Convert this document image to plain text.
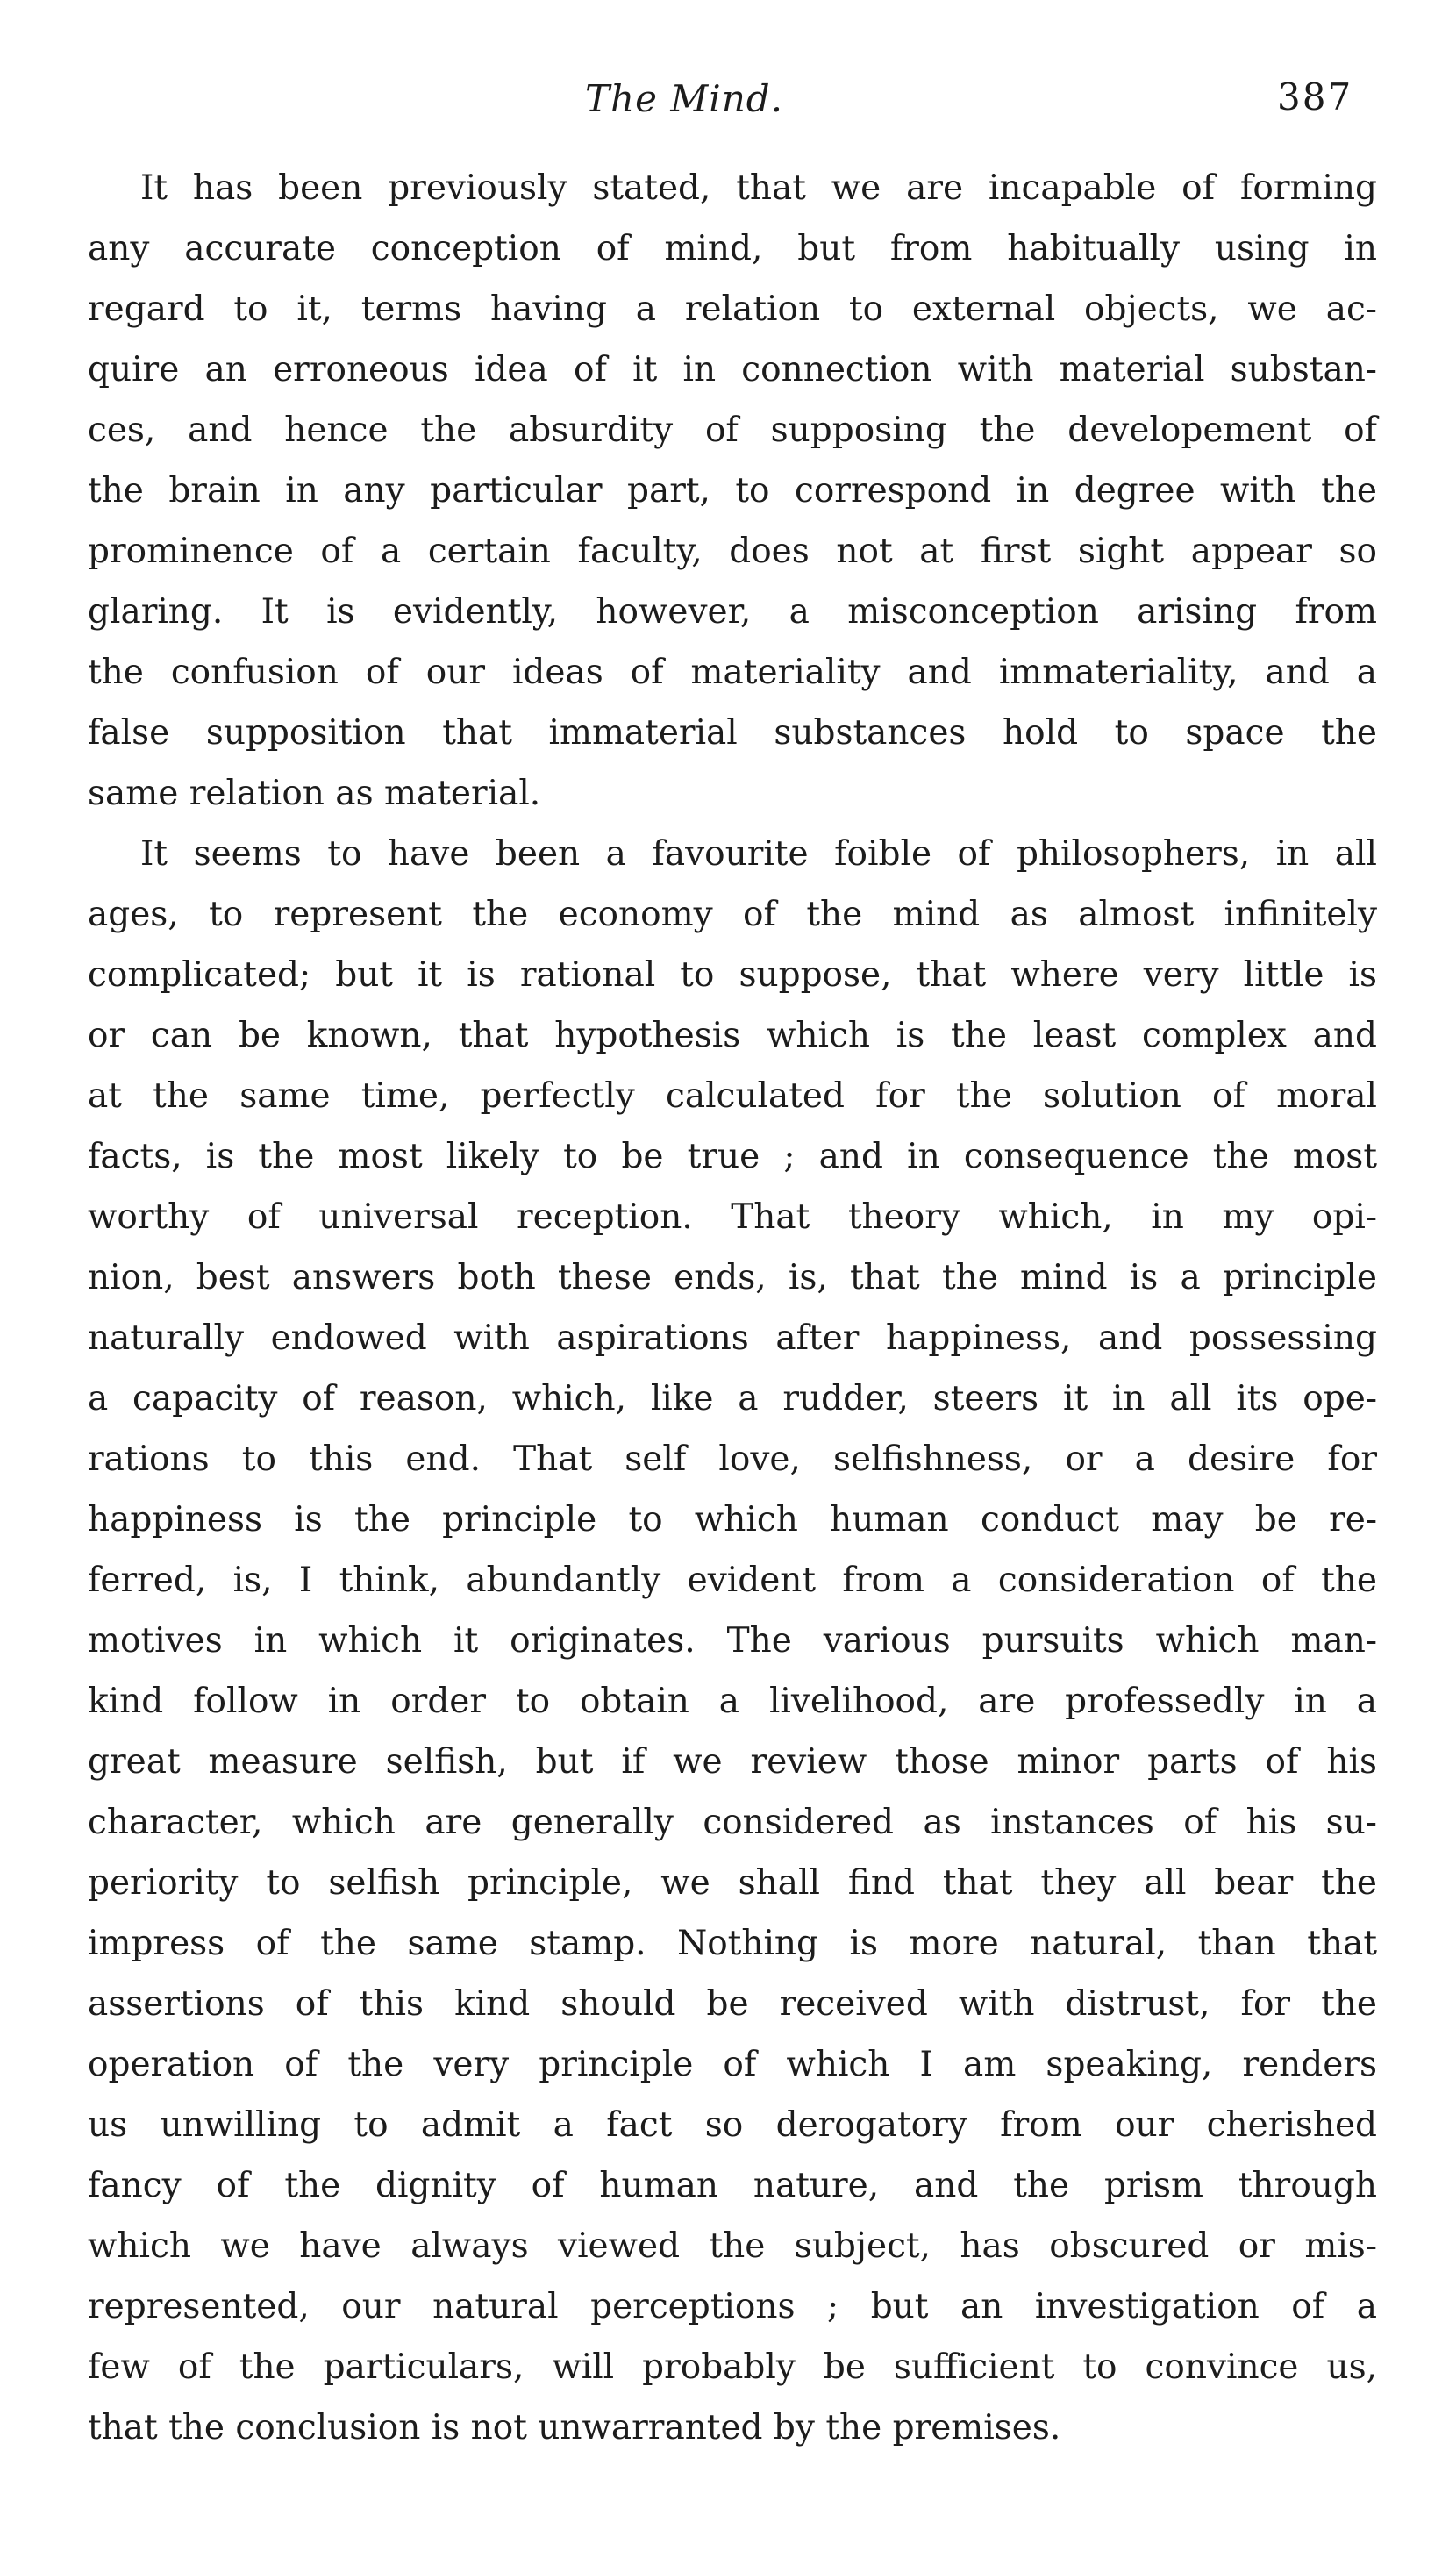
The Mind.	387
It has been previously stated, that we are incapable of forming
any accurate conception of mind, but from habitually using in
regard to it, terms having a relation to external objects, we ac-
quire an erroneous idea of it in connection with material substan-
ces, and hence the absurdity of supposing the developement of
the brain in any particular part, to correspond in degree with the
prominence of a certain faculty, does not at first sight appear so
glaring. It is evidently, however, a misconception arising from
the confusion of our ideas of materiality and immateriality, and a
false supposition that immaterial substances hold to space the
same relation as material.
It seems to have been a favourite foible of philosophers, in all
ages, to represent the economy of the mind as almost infinitely
complicated; but it is rational to suppose, that where very little is
or can be known, that hypothesis which is the least complex and
at the same time, perfectly calculated for the solution of moral
facts, is the most likely to be true ; and in consequence the most
worthy of universal reception. That theory which, in my opi-
nion, best answers both these ends, is, that the mind is a principle
naturally endowed with aspirations after happiness, and possessing
a capacity of reason, which, like a rudder, steers it in all its ope-
rations to this end. That self love, selfishness, or a desire for
happiness is the principle to which human conduct may be re-
ferred, is, I think, abundantly evident from a consideration of the
motives in which it originates. The various pursuits which man-
kind follow in order to obtain a livelihood, are professedly in a
great measure selfish, but if we review those minor parts of his
character, which are generally considered as instances of his su-
periority to selfish principle, we shall find that they all bear the
impress of the same stamp. Nothing is more natural, than that
assertions of this kind should be received with distrust, for the
operation of the very principle of which I am speaking, renders
us unwilling to admit a fact so derogatory from our cherished
fancy of the dignity of human nature, and the prism through
which we have always viewed the subject, has obscured or mis-
represented, our natural perceptions ; but an investigation of a
few of the particulars, will probably be sufficient to convince us,
that the conclusion is not unwarranted by the premises.
